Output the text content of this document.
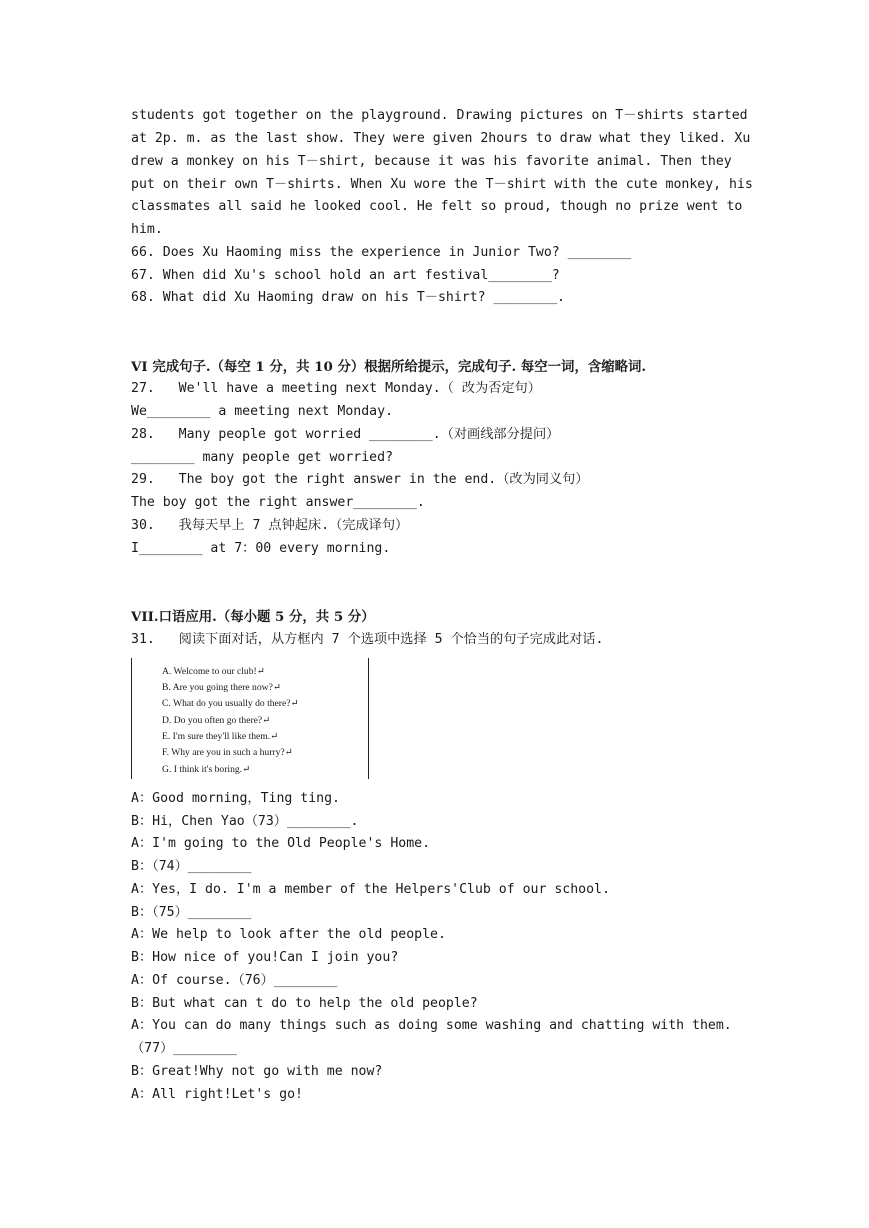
students got together on the playground. Drawing pictures on T－shirts started
at 2p. m. as the last show. They were given 2hours to draw what they liked. Xu
drew a monkey on his T－shirt, because it was his favorite animal. Then they
put on their own T－shirts. When Xu wore the T－shirt with the cute monkey, his
classmates all said he looked cool. He felt so proud, though no prize went to
him.
66. Does Xu Haoming miss the experience in Junior Two? ________
67. When did Xu's school hold an art festival________?
68. What did Xu Haoming draw on his T－shirt? ________.
VI 完成句子.（每空 1 分，共 10 分）根据所给提示，完成句子. 每空一词，含缩略词.
27.   We'll have a meeting next Monday.（ 改为否定句）
We________ a meeting next Monday.
28.   Many people got worried ________.（对画线部分提问）
________ many people get worried?
29.   The boy got the right answer in the end.（改为同义句）
The boy got the right answer________.
30.   我每天早上 7 点钟起床.（完成译句）
I________ at 7：00 every morning.
VII.口语应用.（每小题 5 分，共 5 分）
31.   阅读下面对话，从方框内 7 个选项中选择 5 个恰当的句子完成此对话.
A. Welcome to our club!↵
B. Are you going there now?↵
C. What do you usually do there?↵
D. Do you often go there?↵
E. I'm sure they'll like them.↵
F. Why are you in such a hurry?↵
G. I think it's boring.↵
A：Good morning，Ting ting.
B：Hi，Chen Yao（73）________.
A：I'm going to the Old People's Home.
B：（74）________
A：Yes，I do. I'm a member of the Helpers'Club of our school.
B：（75）________
A：We help to look after the old people.
B：How nice of you!Can I join you?
A：Of course.（76）________
B：But what can t do to help the old people?
A：You can do many things such as doing some washing and chatting with them.
（77）________
B：Great!Why not go with me now?
A：All right!Let's go!
